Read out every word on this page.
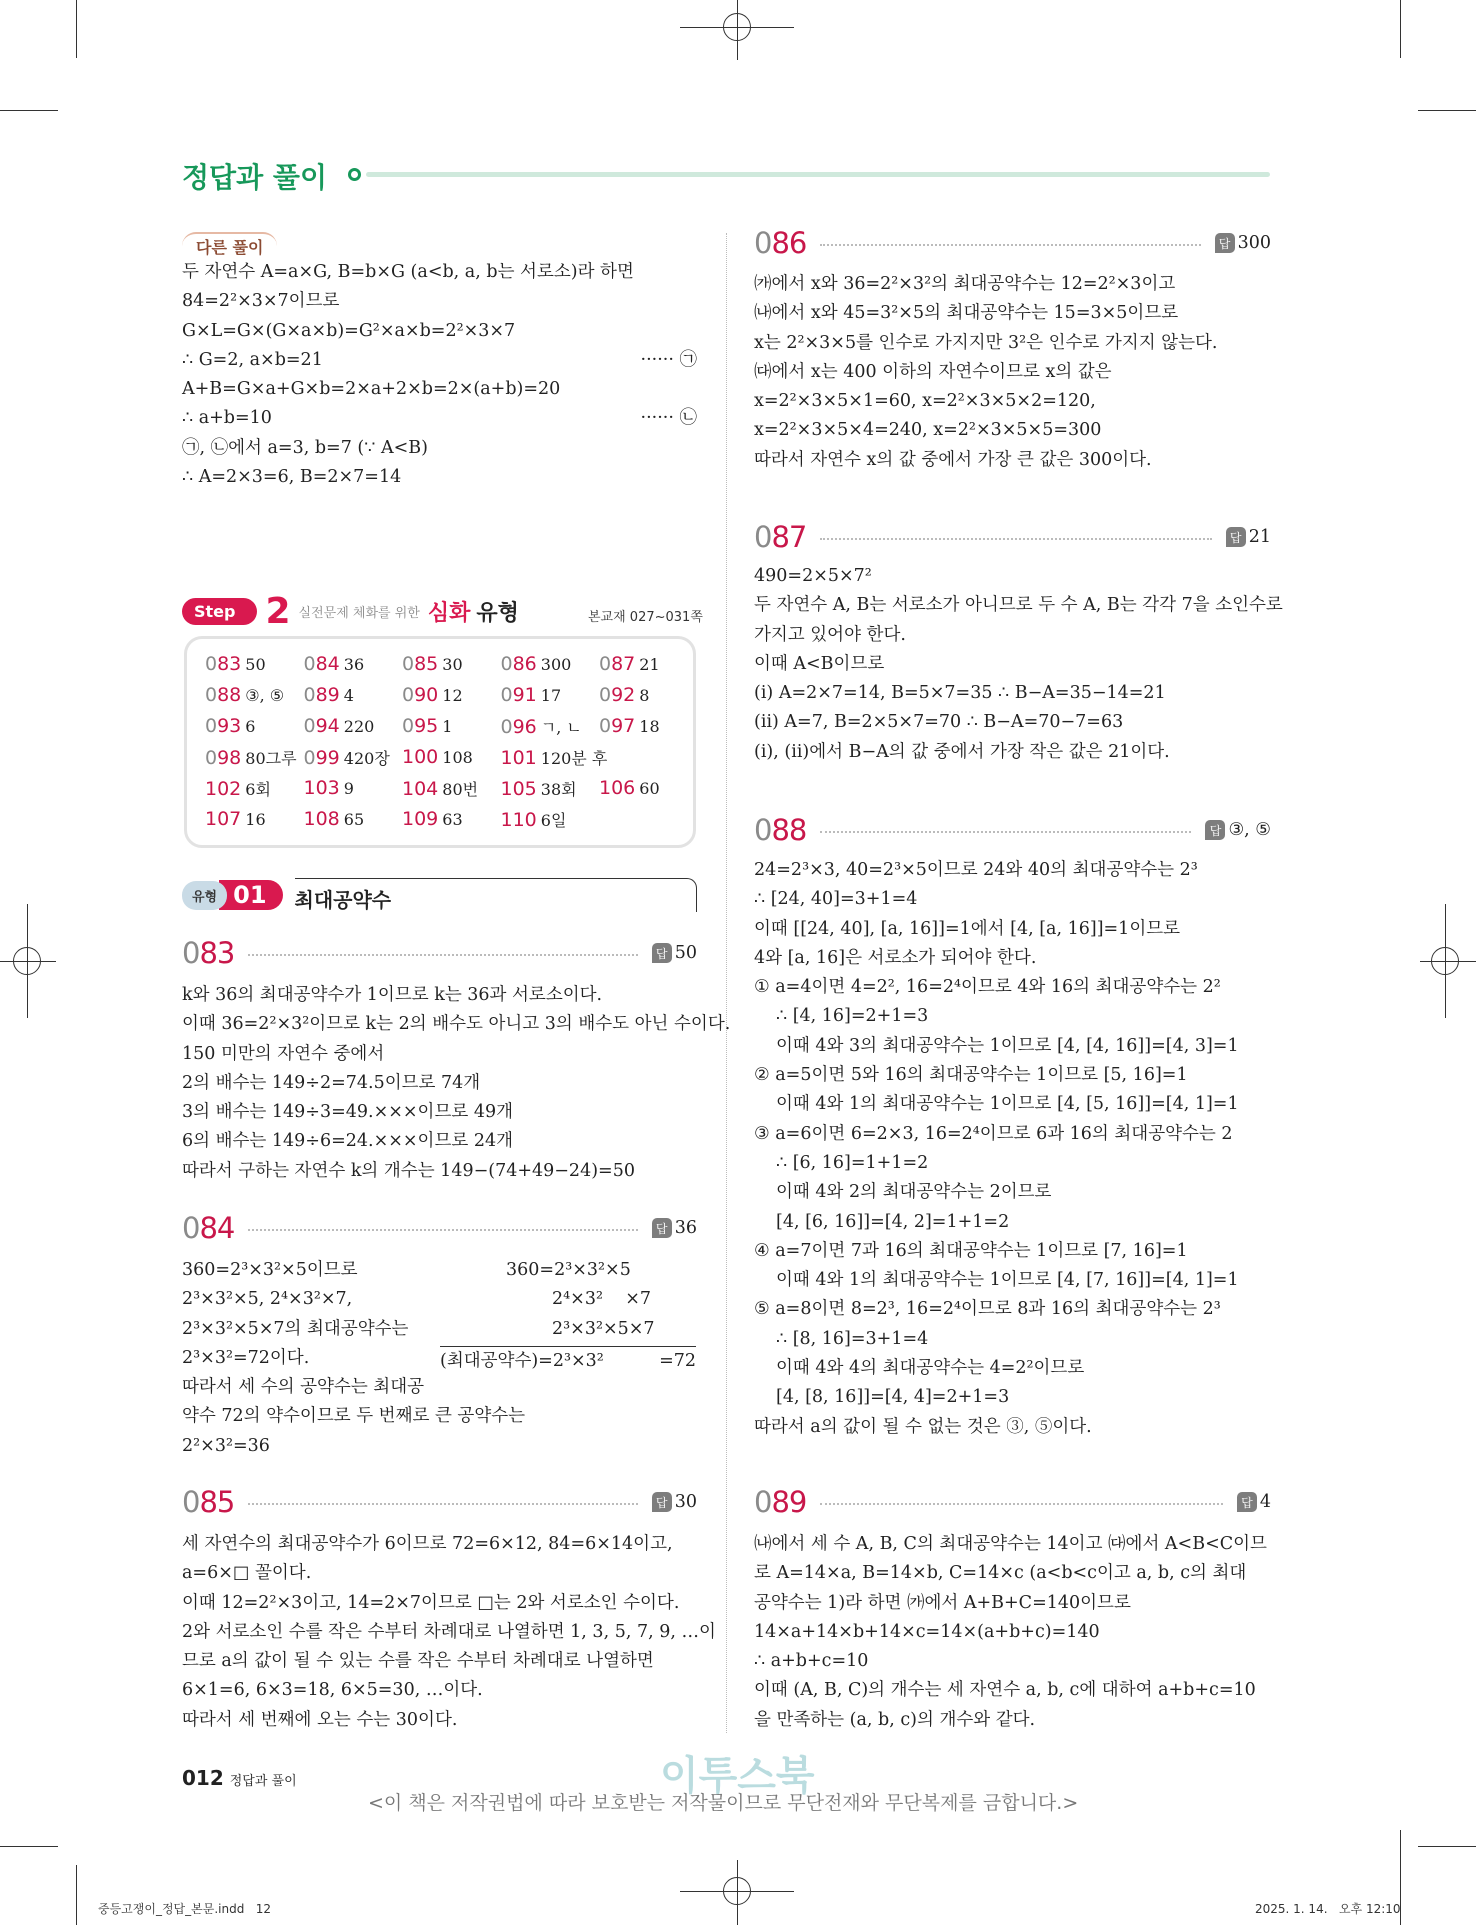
정답과 풀이
다른 풀이
두 자연수 A=a×G, B=b×G (a<b, a, b는 서로소)라 하면
84=2²×3×7이므로
G×L=G×(G×a×b)=G²×a×b=2²×3×7
∴ G=2, a×b=21	······ ㉠
A+B=G×a+G×b=2×a+2×b=2×(a+b)=20
∴ a+b=10	······ ㉡
㉠, ㉡에서 a=3, b=7 (∵ A<B)
∴ A=2×3=6, B=2×7=14
Step 2 실전문제 체화를 위한 심화 유형	본교재 027~031쪽
083 50	084 36	085 30	086 300	087 21
088 ③, ⑤	089 4	090 12	091 17	092 8
093 6	094 220	095 1	096 ㄱ, ㄴ 097 18
098 80그루 099 420장 100 108	101 120분 후
102 6회	103 9	104 80번	105 38회	106 60
107 16	108 65	109 63	110 6일
유형 01	최대공약수
083	답 50
k와 36의 최대공약수가 1이므로 k는 36과 서로소이다.
이때 36=2²×3²이므로 k는 2의 배수도 아니고 3의 배수도 아닌 수이다.
150 미만의 자연수 중에서
2의 배수는 149÷2=74.5이므로 74개
3의 배수는 149÷3=49.×××이므로 49개
6의 배수는 149÷6=24.×××이므로 24개
따라서 구하는 자연수 k의 개수는 149−(74+49−24)=50
084	답 36
360=2³×3²×5이므로
2³×3²×5, 2⁴×3²×7,
2³×3²×5×7의 최대공약수는
2³×3²=72이다.
따라서 세 수의 공약수는 최대공
약수 72의 약수이므로 두 번째로 큰 공약수는
2²×3²=36
360=2³×3²×5
2⁴×3²    ×7
2³×3²×5×7
(최대공약수)=2³×3²	=72
085	답 30
세 자연수의 최대공약수가 6이므로 72=6×12, 84=6×14이고,
a=6×□ 꼴이다.
이때 12=2²×3이고, 14=2×7이므로 □는 2와 서로소인 수이다.
2와 서로소인 수를 작은 수부터 차례대로 나열하면 1, 3, 5, 7, 9, …이
므로 a의 값이 될 수 있는 수를 작은 수부터 차례대로 나열하면
6×1=6, 6×3=18, 6×5=30, …이다.
따라서 세 번째에 오는 수는 30이다.
086	답 300
㈎에서 x와 36=2²×3²의 최대공약수는 12=2²×3이고
㈏에서 x와 45=3²×5의 최대공약수는 15=3×5이므로
x는 2²×3×5를 인수로 가지지만 3²은 인수로 가지지 않는다.
㈐에서 x는 400 이하의 자연수이므로 x의 값은
x=2²×3×5×1=60, x=2²×3×5×2=120,
x=2²×3×5×4=240, x=2²×3×5×5=300
따라서 자연수 x의 값 중에서 가장 큰 값은 300이다.
087	답 21
490=2×5×7²
두 자연수 A, B는 서로소가 아니므로 두 수 A, B는 각각 7을 소인수로
가지고 있어야 한다.
이때 A<B이므로
(ⅰ) A=2×7=14, B=5×7=35 ∴ B−A=35−14=21
(ⅱ) A=7, B=2×5×7=70 ∴ B−A=70−7=63
(ⅰ), (ⅱ)에서 B−A의 값 중에서 가장 작은 값은 21이다.
088	답 ③, ⑤
24=2³×3, 40=2³×5이므로 24와 40의 최대공약수는 2³
∴ [24, 40]=3+1=4
이때 [[24, 40], [a, 16]]=1에서 [4, [a, 16]]=1이므로
4와 [a, 16]은 서로소가 되어야 한다.
① a=4이면 4=2², 16=2⁴이므로 4와 16의 최대공약수는 2²
∴ [4, 16]=2+1=3
이때 4와 3의 최대공약수는 1이므로 [4, [4, 16]]=[4, 3]=1
② a=5이면 5와 16의 최대공약수는 1이므로 [5, 16]=1
이때 4와 1의 최대공약수는 1이므로 [4, [5, 16]]=[4, 1]=1
③ a=6이면 6=2×3, 16=2⁴이므로 6과 16의 최대공약수는 2
∴ [6, 16]=1+1=2
이때 4와 2의 최대공약수는 2이므로
[4, [6, 16]]=[4, 2]=1+1=2
④ a=7이면 7과 16의 최대공약수는 1이므로 [7, 16]=1
이때 4와 1의 최대공약수는 1이므로 [4, [7, 16]]=[4, 1]=1
⑤ a=8이면 8=2³, 16=2⁴이므로 8과 16의 최대공약수는 2³
∴ [8, 16]=3+1=4
이때 4와 4의 최대공약수는 4=2²이므로
[4, [8, 16]]=[4, 4]=2+1=3
따라서 a의 값이 될 수 없는 것은 ③, ⑤이다.
089	답 4
㈏에서 세 수 A, B, C의 최대공약수는 14이고 ㈐에서 A<B<C이므
로 A=14×a, B=14×b, C=14×c (a<b<c이고 a, b, c의 최대
공약수는 1)라 하면 ㈎에서 A+B+C=140이므로
14×a+14×b+14×c=14×(a+b+c)=140
∴ a+b+c=10
이때 (A, B, C)의 개수는 세 자연수 a, b, c에 대하여 a+b+c=10
을 만족하는 (a, b, c)의 개수와 같다.
012 정답과 풀이	이투스북
<이 책은 저작권법에 따라 보호받는 저작물이므로 무단전재와 무단복제를 금합니다.>
중등고쟁이_정답_본문.indd   12	2025. 1. 14.   오후 12:10
